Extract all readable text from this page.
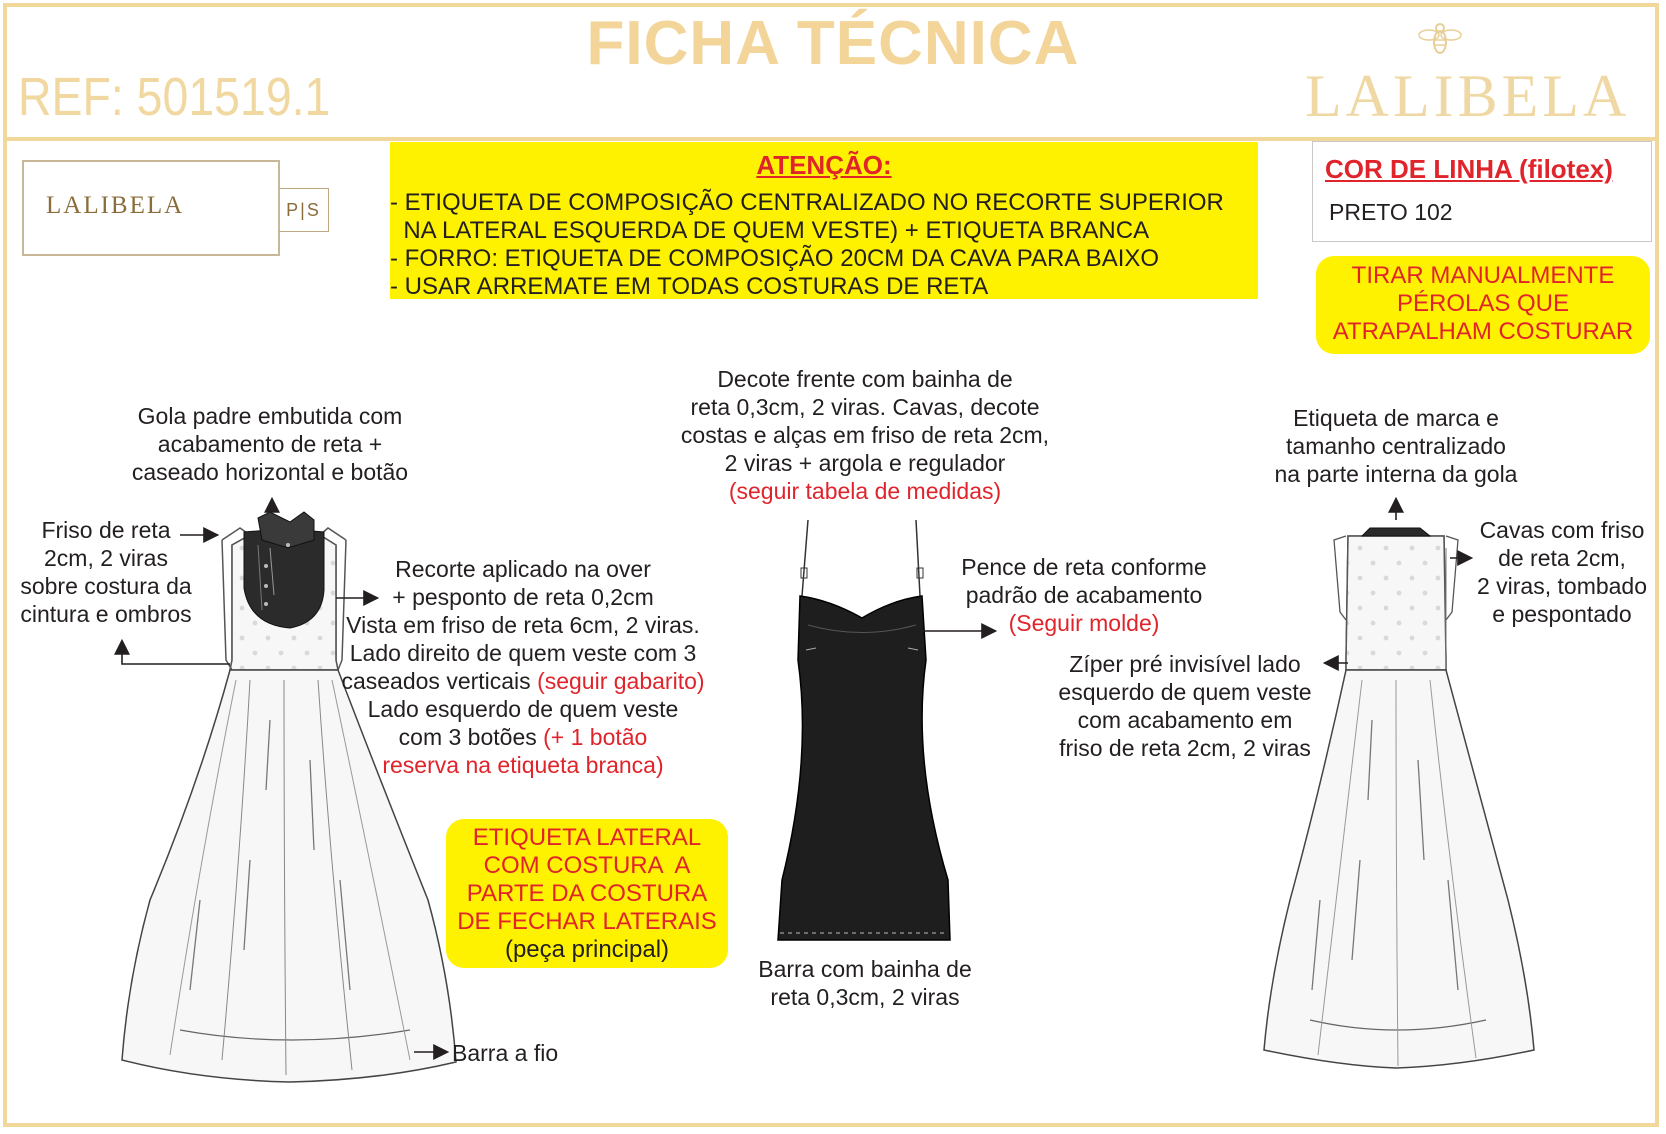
FICHA TÉCNICA
REF: 501519.1	LALIBELA
LALIBELA	P|S
ATENÇÃO:
- ETIQUETA DE COMPOSIÇÃO CENTRALIZADO NO RECORTE SUPERIOR
NA LATERAL ESQUERDA DE QUEM VESTE) + ETIQUETA BRANCA
- FORRO: ETIQUETA DE COMPOSIÇÃO 20CM DA CAVA PARA BAIXO
- USAR ARREMATE EM TODAS COSTURAS DE RETA
COR DE LINHA (filotex)
PRETO 102
TIRAR MANUALMENTE
PÉROLAS QUE
ATRAPALHAM COSTURAR
ETIQUETA LATERAL
COM COSTURA  A
PARTE DA COSTURA
DE FECHAR LATERAIS
(peça principal)
Gola padre embutida com
acabamento de reta +
caseado horizontal e botão
Friso de reta
2cm, 2 viras
sobre costura da
cintura e ombros
Recorte aplicado na over
+ pesponto de reta 0,2cm
Vista em friso de reta 6cm, 2 viras.
Lado direito de quem veste com 3
caseados verticais (seguir gabarito)
Lado esquerdo de quem veste
com 3 botões (+ 1 botão
reserva na etiqueta branca)
Barra a fio
Decote frente com bainha de
reta 0,3cm, 2 viras. Cavas, decote
costas e alças em friso de reta 2cm,
2 viras + argola e regulador
(seguir tabela de medidas)
Pence de reta conforme
padrão de acabamento
(Seguir molde)
Barra com bainha de
reta 0,3cm, 2 viras
Etiqueta de marca e
tamanho centralizado
na parte interna da gola
Cavas com friso
de reta 2cm,
2 viras, tombado
e pespontado
Zíper pré invisível lado
esquerdo de quem veste
com acabamento em
friso de reta 2cm, 2 viras
